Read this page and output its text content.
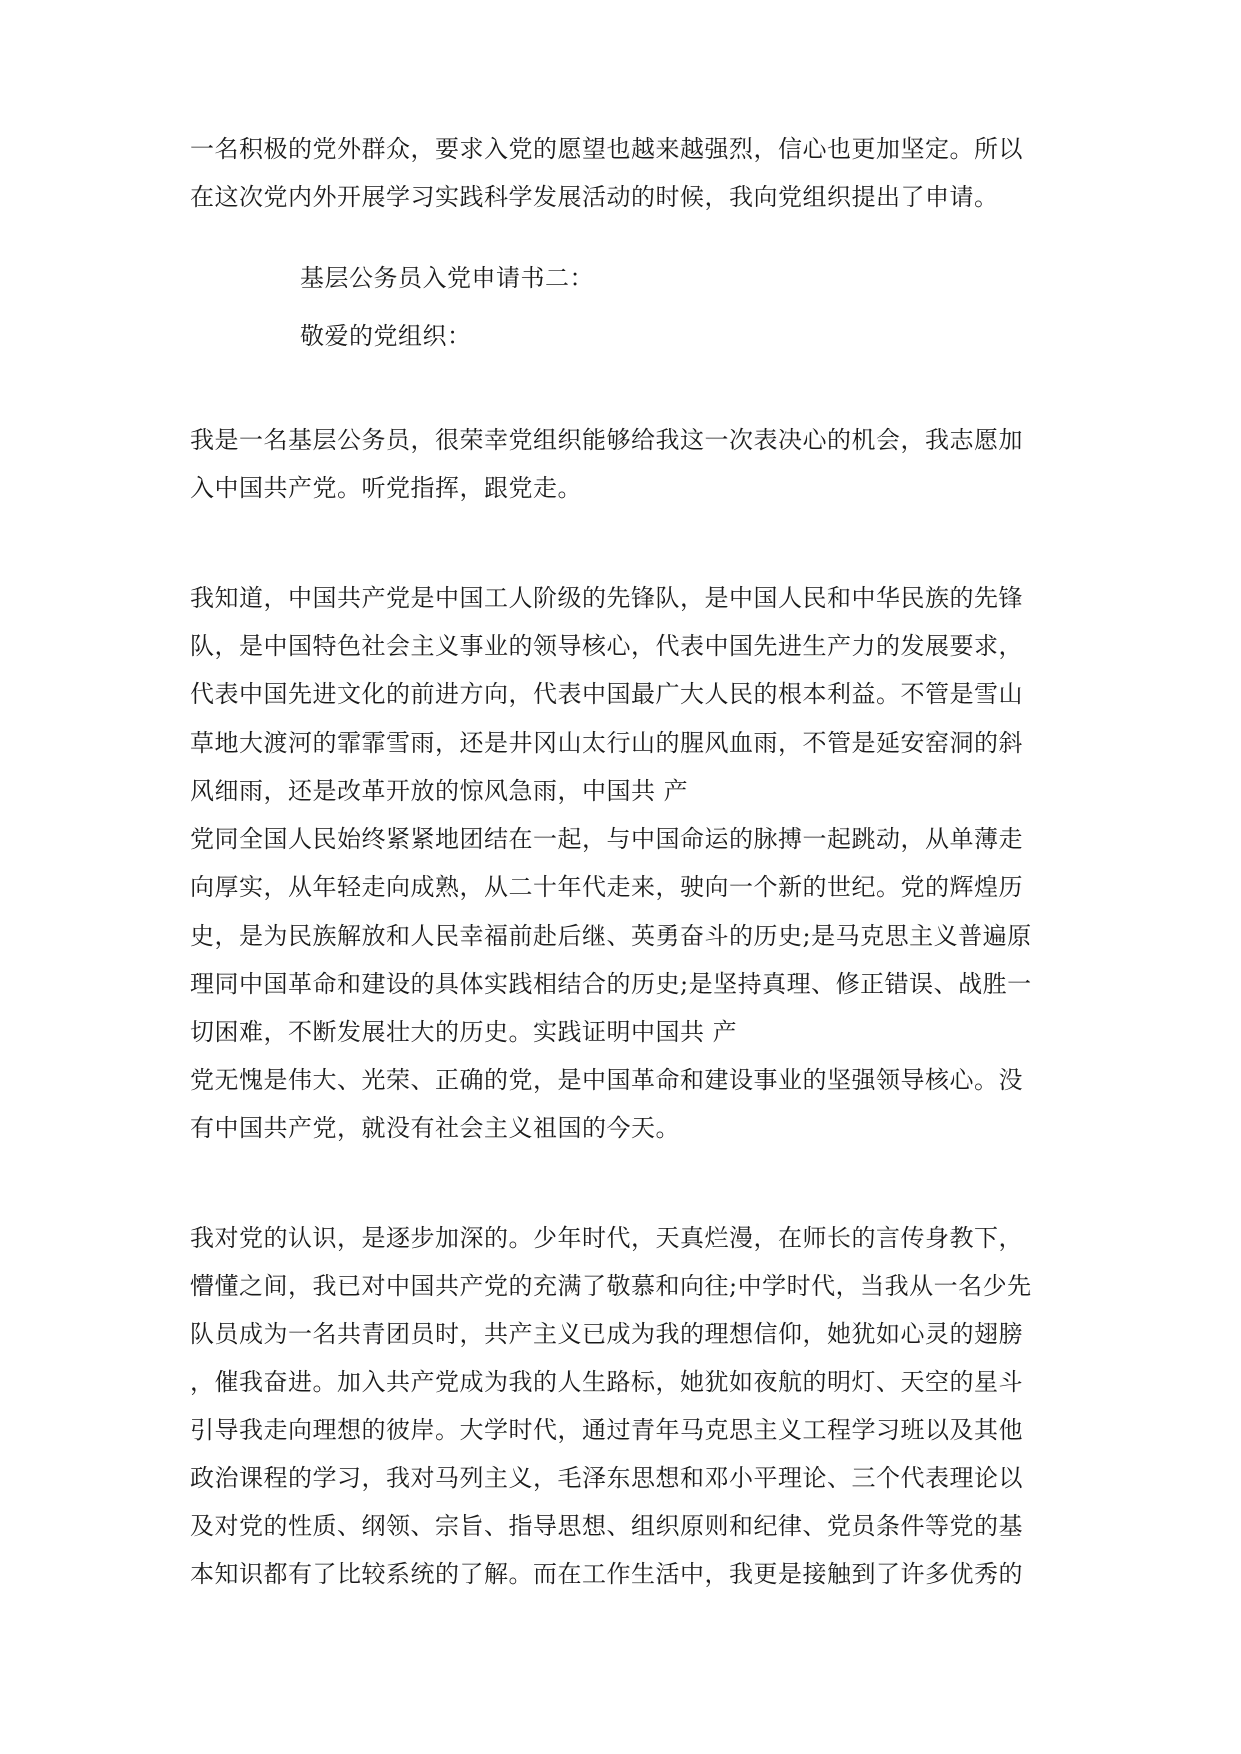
一名积极的党外群众，要求入党的愿望也越来越强烈，信心也更加坚定。所以
在这次党内外开展学习实践科学发展活动的时候，我向党组织提出了申请。
基层公务员入党申请书二：
敬爱的党组织：
我是一名基层公务员，很荣幸党组织能够给我这一次表决心的机会，我志愿加
入中国共产党。听党指挥，跟党走。
我知道，中国共产党是中国工人阶级的先锋队，是中国人民和中华民族的先锋
队，是中国特色社会主义事业的领导核心，代表中国先进生产力的发展要求，
代表中国先进文化的前进方向，代表中国最广大人民的根本利益。不管是雪山
草地大渡河的霏霏雪雨，还是井冈山太行山的腥风血雨，不管是延安窑洞的斜
风细雨，还是改革开放的惊风急雨，中国共 产
党同全国人民始终紧紧地团结在一起，与中国命运的脉搏一起跳动，从单薄走
向厚实，从年轻走向成熟，从二十年代走来，驶向一个新的世纪。党的辉煌历
史，是为民族解放和人民幸福前赴后继、英勇奋斗的历史;是马克思主义普遍原
理同中国革命和建设的具体实践相结合的历史;是坚持真理、修正错误、战胜一
切困难，不断发展壮大的历史。实践证明中国共 产
党无愧是伟大、光荣、正确的党，是中国革命和建设事业的坚强领导核心。没
有中国共产党，就没有社会主义祖国的今天。
我对党的认识，是逐步加深的。少年时代，天真烂漫，在师长的言传身教下，
懵懂之间，我已对中国共产党的充满了敬慕和向往;中学时代，当我从一名少先
队员成为一名共青团员时，共产主义已成为我的理想信仰，她犹如心灵的翅膀
，催我奋进。加入共产党成为我的人生路标，她犹如夜航的明灯、天空的星斗
引导我走向理想的彼岸。大学时代，通过青年马克思主义工程学习班以及其他
政治课程的学习，我对马列主义，毛泽东思想和邓小平理论、三个代表理论以
及对党的性质、纲领、宗旨、指导思想、组织原则和纪律、党员条件等党的基
本知识都有了比较系统的了解。而在工作生活中，我更是接触到了许多优秀的
